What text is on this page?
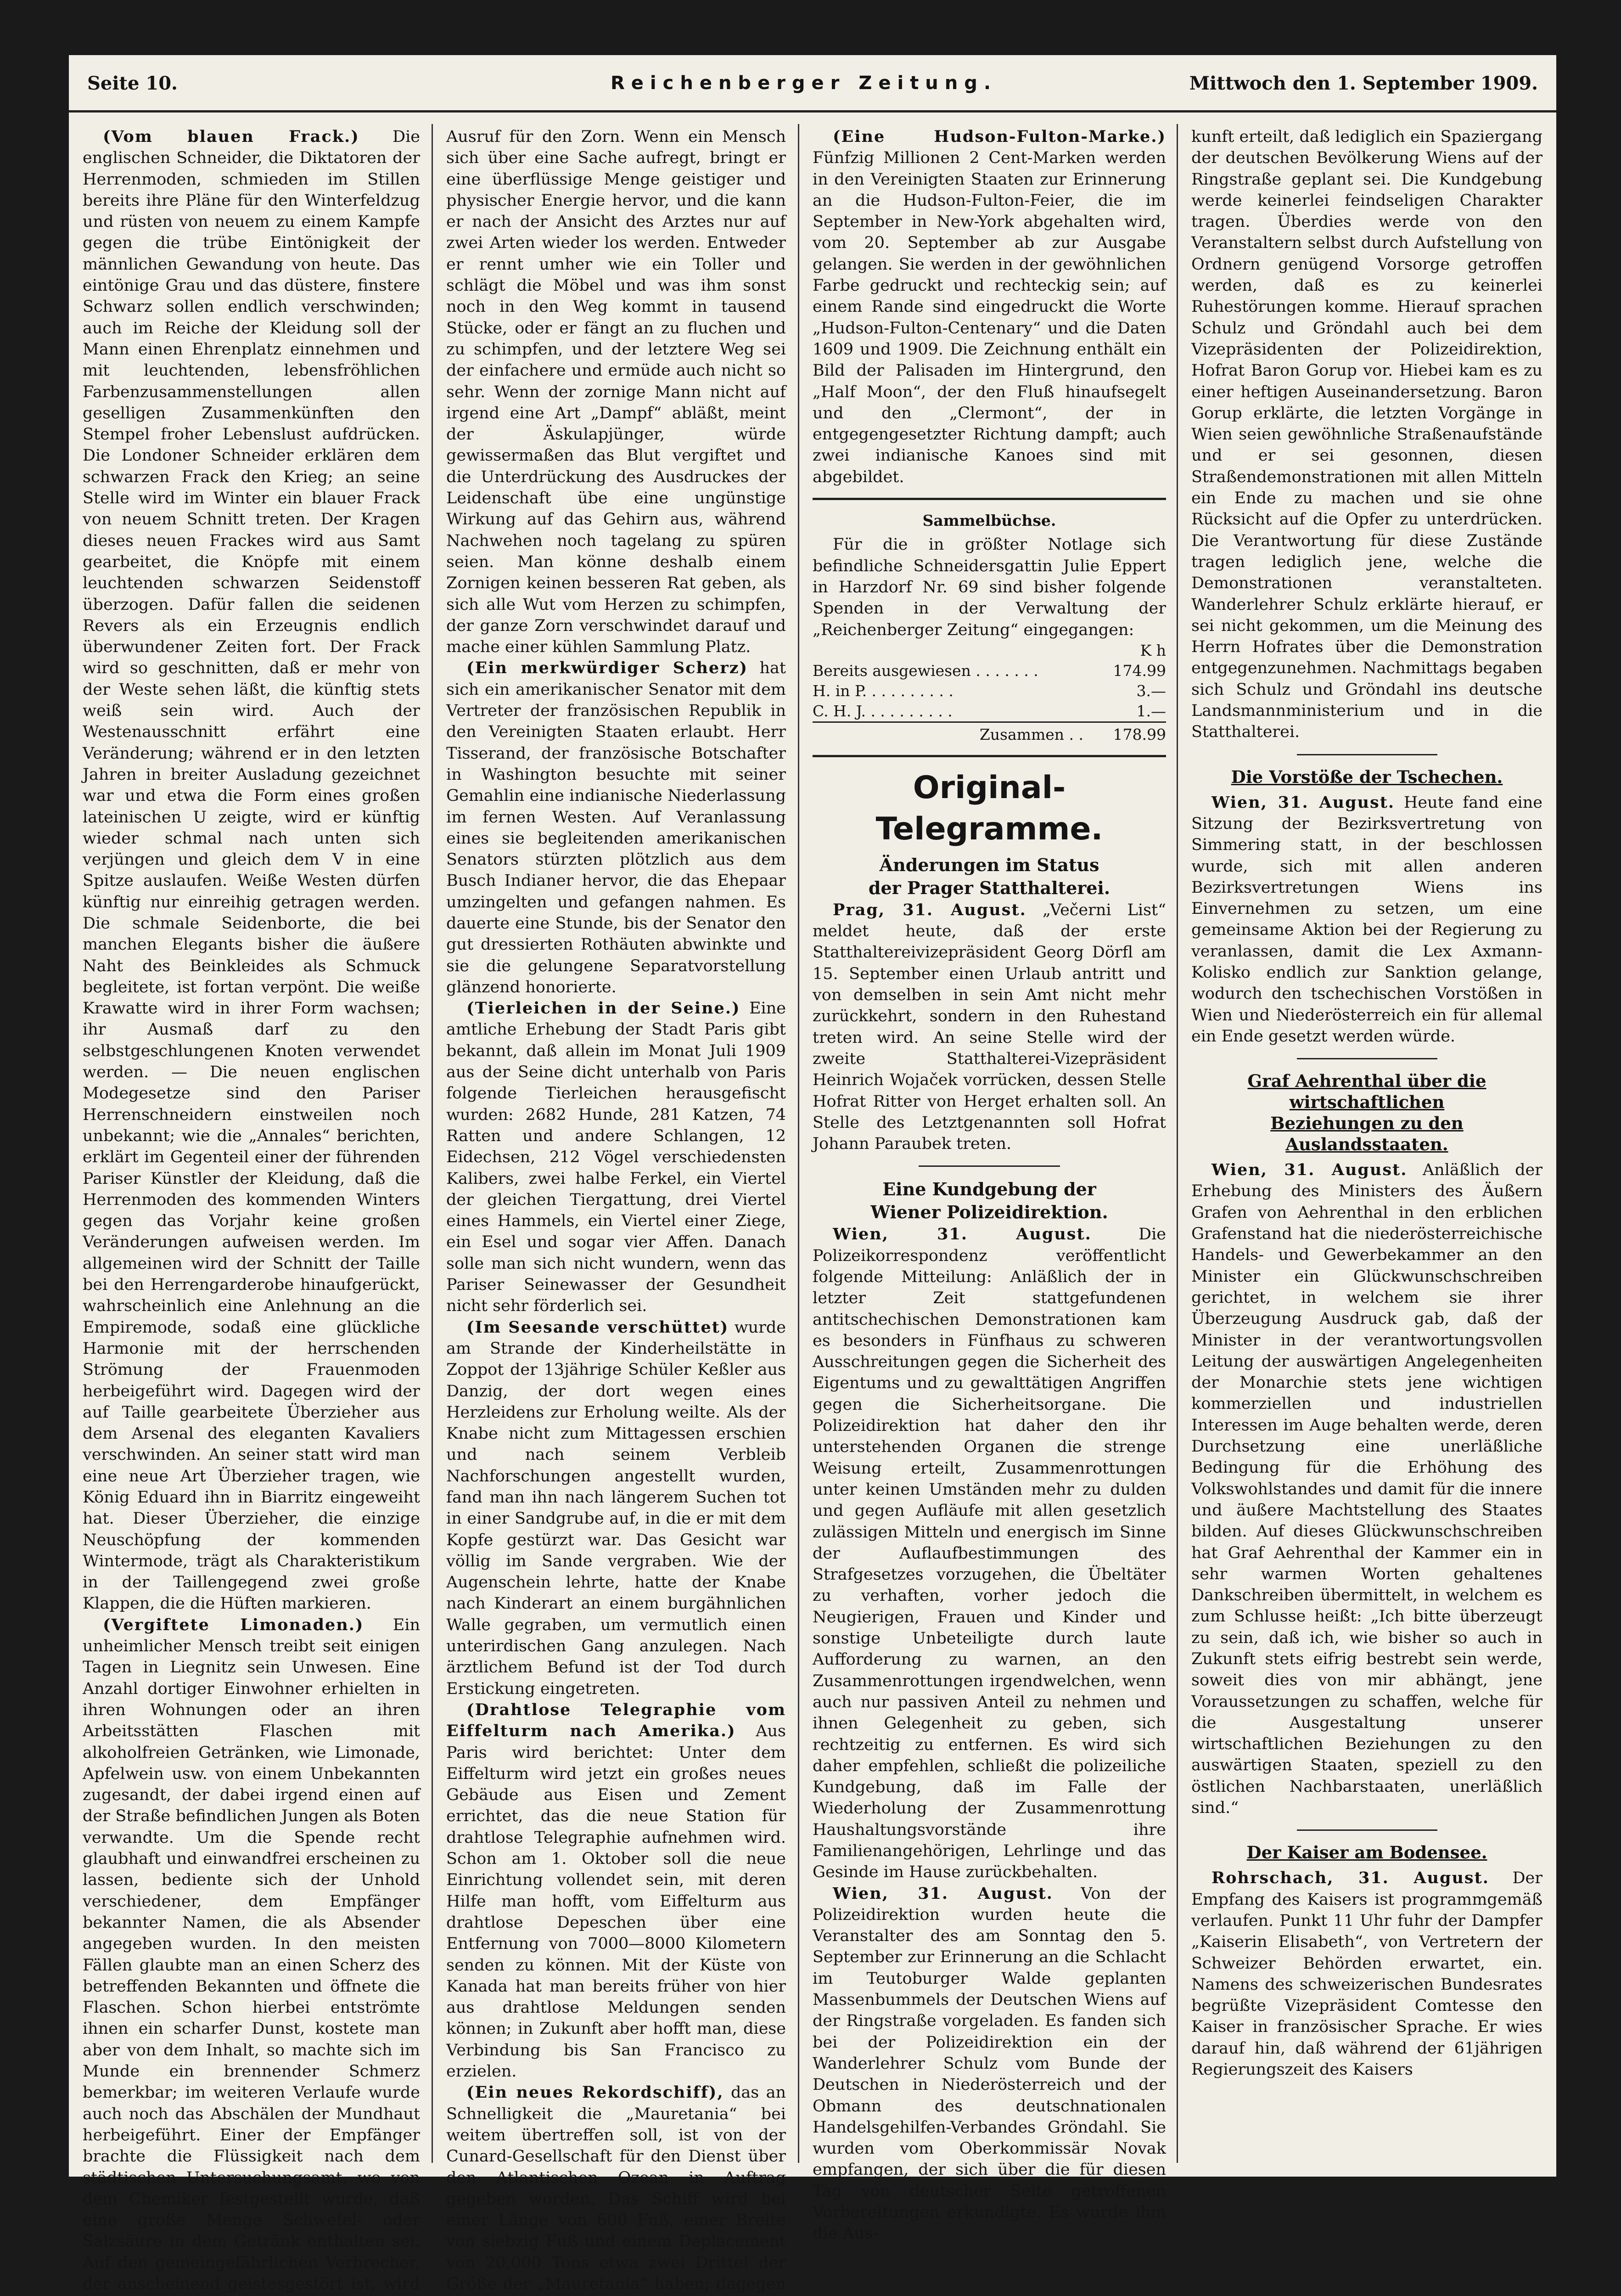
Seite 10.	Reichenberger Zeitung.	Mittwoch den 1. September 1909.

(Vom blauen Frack.) Die englischen Schneider, die Diktatoren der Herrenmoden, schmieden im Stillen bereits ihre Pläne für den Winterfeldzug und rüsten von neuem zu einem Kampfe gegen die trübe Eintönigkeit der männlichen Gewandung von heute. Das eintönige Grau und das düstere, finstere Schwarz sollen endlich verschwinden; auch im Reiche der Kleidung soll der Mann einen Ehrenplatz einnehmen und mit leuchtenden, lebensfröhlichen Farbenzusammenstellungen allen geselligen Zusammenkünften den Stempel froher Lebenslust aufdrücken. Die Londoner Schneider erklären dem schwarzen Frack den Krieg; an seine Stelle wird im Winter ein blauer Frack von neuem Schnitt treten. Der Kragen dieses neuen Frackes wird aus Samt gearbeitet, die Knöpfe mit einem leuchtenden schwarzen Seidenstoff überzogen. Dafür fallen die seidenen Revers als ein Erzeugnis endlich überwundener Zeiten fort. Der Frack wird so geschnitten, daß er mehr von der Weste sehen läßt, die künftig stets weiß sein wird. Auch der Westenausschnitt erfährt eine Veränderung; während er in den letzten Jahren in breiter Ausladung gezeichnet war und etwa die Form eines großen lateinischen U zeigte, wird er künftig wieder schmal nach unten sich verjüngen und gleich dem V in eine Spitze auslaufen. Weiße Westen dürfen künftig nur einreihig getragen werden. Die schmale Seidenborte, die bei manchen Elegants bisher die äußere Naht des Beinkleides als Schmuck begleitete, ist fortan verpönt. Die weiße Krawatte wird in ihrer Form wachsen; ihr Ausmaß darf zu den selbstgeschlungenen Knoten verwendet werden. — Die neuen englischen Modegesetze sind den Pariser Herrenschneidern einstweilen noch unbekannt; wie die „Annales“ berichten, erklärt im Gegenteil einer der führenden Pariser Künstler der Kleidung, daß die Herrenmoden des kommenden Winters gegen das Vorjahr keine großen Veränderungen aufweisen werden. Im allgemeinen wird der Schnitt der Taille bei den Herrengarderobe hinaufgerückt, wahrscheinlich eine Anlehnung an die Empiremode, sodaß eine glückliche Harmonie mit der herrschenden Strömung der Frauenmoden herbeigeführt wird. Dagegen wird der auf Taille gearbeitete Überzieher aus dem Arsenal des eleganten Kavaliers verschwinden. An seiner statt wird man eine neue Art Überzieher tragen, wie König Eduard ihn in Biarritz eingeweiht hat. Dieser Überzieher, die einzige Neuschöpfung der kommenden Wintermode, trägt als Charakteristikum in der Taillengegend zwei große Klappen, die die Hüften markieren.

(Vergiftete Limonaden.) Ein unheimlicher Mensch treibt seit einigen Tagen in Liegnitz sein Unwesen. Eine Anzahl dortiger Einwohner erhielten in ihren Wohnungen oder an ihren Arbeitsstätten Flaschen mit alkoholfreien Getränken, wie Limonade, Apfelwein usw. von einem Unbekannten zugesandt, der dabei irgend einen auf der Straße befindlichen Jungen als Boten verwandte. Um die Spende recht glaubhaft und einwandfrei erscheinen zu lassen, bediente sich der Unhold verschiedener, dem Empfänger bekannter Namen, die als Absender angegeben wurden. In den meisten Fällen glaubte man an einen Scherz des betreffenden Bekannten und öffnete die Flaschen. Schon hierbei entströmte ihnen ein scharfer Dunst, kostete man aber von dem Inhalt, so machte sich im Munde ein brennender Schmerz bemerkbar; im weiteren Verlaufe wurde auch noch das Abschälen der Mundhaut herbeigeführt. Einer der Empfänger brachte die Flüssigkeit nach dem städtischen Untersuchungsamt, wo von dem Chemiker festgestellt wurde, daß eine große Menge Schwefel- oder Salzsäure in dem Getränk enthalten sei. Auf den gemeingefährlichen Verbrecher, der anscheinend geistesgestört ist, wird

Ausruf für den Zorn. Wenn ein Mensch sich über eine Sache aufregt, bringt er eine überflüssige Menge geistiger und physischer Energie hervor, und die kann er nach der Ansicht des Arztes nur auf zwei Arten wieder los werden. Entweder er rennt umher wie ein Toller und schlägt die Möbel und was ihm sonst noch in den Weg kommt in tausend Stücke, oder er fängt an zu fluchen und zu schimpfen, und der letztere Weg sei der einfachere und ermüde auch nicht so sehr. Wenn der zornige Mann nicht auf irgend eine Art „Dampf“ abläßt, meint der Äskulapjünger, würde gewissermaßen das Blut vergiftet und die Unterdrückung des Ausdruckes der Leidenschaft übe eine ungünstige Wirkung auf das Gehirn aus, während Nachwehen noch tagelang zu spüren seien. Man könne deshalb einem Zornigen keinen besseren Rat geben, als sich alle Wut vom Herzen zu schimpfen, der ganze Zorn verschwindet darauf und mache einer kühlen Sammlung Platz.

(Ein merkwürdiger Scherz) hat sich ein amerikanischer Senator mit dem Vertreter der französischen Republik in den Vereinigten Staaten erlaubt. Herr Tisserand, der französische Botschafter in Washington besuchte mit seiner Gemahlin eine indianische Niederlassung im fernen Westen. Auf Veranlassung eines sie begleitenden amerikanischen Senators stürzten plötzlich aus dem Busch Indianer hervor, die das Ehepaar umzingelten und gefangen nahmen. Es dauerte eine Stunde, bis der Senator den gut dressierten Rothäuten abwinkte und sie die gelungene Separatvorstellung glänzend honorierte.

(Tierleichen in der Seine.) Eine amtliche Erhebung der Stadt Paris gibt bekannt, daß allein im Monat Juli 1909 aus der Seine dicht unterhalb von Paris folgende Tierleichen herausgefischt wurden: 2682 Hunde, 281 Katzen, 74 Ratten und andere Schlangen, 12 Eidechsen, 212 Vögel verschiedensten Kalibers, zwei halbe Ferkel, ein Viertel der gleichen Tiergattung, drei Viertel eines Hammels, ein Viertel einer Ziege, ein Esel und sogar vier Affen. Danach solle man sich nicht wundern, wenn das Pariser Seinewasser der Gesundheit nicht sehr förderlich sei.

(Im Seesande verschüttet) wurde am Strande der Kinderheilstätte in Zoppot der 13jährige Schüler Keßler aus Danzig, der dort wegen eines Herzleidens zur Erholung weilte. Als der Knabe nicht zum Mittagessen erschien und nach seinem Verbleib Nachforschungen angestellt wurden, fand man ihn nach längerem Suchen tot in einer Sandgrube auf, in die er mit dem Kopfe gestürzt war. Das Gesicht war völlig im Sande vergraben. Wie der Augenschein lehrte, hatte der Knabe nach Kinderart an einem burgähnlichen Walle gegraben, um vermutlich einen unterirdischen Gang anzulegen. Nach ärztlichem Befund ist der Tod durch Erstickung eingetreten.

(Drahtlose Telegraphie vom Eiffelturm nach Amerika.) Aus Paris wird berichtet: Unter dem Eiffelturm wird jetzt ein großes neues Gebäude aus Eisen und Zement errichtet, das die neue Station für drahtlose Telegraphie aufnehmen wird. Schon am 1. Oktober soll die neue Einrichtung vollendet sein, mit deren Hilfe man hofft, vom Eiffelturm aus drahtlose Depeschen über eine Entfernung von 7000—8000 Kilometern senden zu können. Mit der Küste von Kanada hat man bereits früher von hier aus drahtlose Meldungen senden können; in Zukunft aber hofft man, diese Verbindung bis San Francisco zu erzielen.

(Ein neues Rekordschiff), das an Schnelligkeit die „Mauretania“ bei weitem übertreffen soll, ist von der Cunard-Gesellschaft für den Dienst über den Atlantischen Ozean in Auftrag gegeben worden. Das Schiff wird bei einer Länge von 600 Fuß, einer Breite von siebzig Fuß und einem Deplacement von 20.000 Tons etwa zwei Drittel der Größe der „Mauretania“ haben; dagegen

(Eine Hudson-Fulton-Marke.) Fünfzig Millionen 2 Cent-Marken werden in den Vereinigten Staaten zur Erinnerung an die Hudson-Fulton-Feier, die im September in New-York abgehalten wird, vom 20. September ab zur Ausgabe gelangen. Sie werden in der gewöhnlichen Farbe gedruckt und rechteckig sein; auf einem Rande sind eingedruckt die Worte „Hudson-Fulton-Centenary“ und die Daten 1609 und 1909. Die Zeichnung enthält ein Bild der Palisaden im Hintergrund, den „Half Moon“, der den Fluß hinaufsegelt und den „Clermont“, der in entgegengesetzter Richtung dampft; auch zwei indianische Kanoes sind mit abgebildet.

Sammelbüchse.

Für die in größter Notlage sich befindliche Schneidersgattin Julie Eppert in Harzdorf Nr. 69 sind bisher folgende Spenden in der Verwaltung der „Reichenberger Zeitung“ eingegangen:

	K h
Bereits ausgewiesen . . . . . . .	174.99
H. in P. . . . . . . . . .	3.—
C. H. J. . . . . . . . . .	1.—
Zusammen . .	178.99
Original-Telegramme.
Änderungen im Status
der Prager Statthalterei.

Prag, 31. August. „Večerni List“ meldet heute, daß der erste Statthaltereivizepräsident Georg Dörfl am 15. September einen Urlaub antritt und von demselben in sein Amt nicht mehr zurückkehrt, sondern in den Ruhestand treten wird. An seine Stelle wird der zweite Statthalterei-Vizepräsident Heinrich Wojaček vorrücken, dessen Stelle Hofrat Ritter von Herget erhalten soll. An Stelle des Letztgenannten soll Hofrat Johann Paraubek treten.

Eine Kundgebung der
Wiener Polizeidirektion.

Wien, 31. August.	Die Polizeikorrespondenz veröffentlicht folgende Mitteilung: Anläßlich der in letzter Zeit stattgefundenen antitschechischen Demonstrationen kam es besonders in Fünfhaus zu schweren Ausschreitungen gegen die Sicherheit des Eigentums und zu gewalttätigen Angriffen gegen die Sicherheitsorgane. Die Polizeidirektion hat daher den ihr unterstehenden Organen die strenge Weisung erteilt, Zusammenrottungen unter keinen Umständen mehr zu dulden und gegen Aufläufe mit allen gesetzlich zulässigen Mitteln und energisch im Sinne der Auflaufbestimmungen des Strafgesetzes vorzugehen, die Übeltäter zu verhaften, vorher jedoch die Neugierigen, Frauen und Kinder und sonstige Unbeteiligte durch laute Aufforderung zu warnen, an den Zusammenrottungen irgendwelchen, wenn auch nur passiven Anteil zu nehmen und ihnen Gelegenheit zu geben, sich rechtzeitig zu entfernen. Es wird sich daher empfehlen, schließt die polizeiliche Kundgebung, daß im Falle der Wiederholung der Zusammenrottung Haushaltungsvorstände ihre Familienangehörigen, Lehrlinge und das Gesinde im Hause zurückbehalten.

Wien, 31. August. Von der Polizeidirektion wurden heute die Veranstalter des am Sonntag den 5. September zur Erinnerung an die Schlacht im Teutoburger Walde geplanten Massenbummels der Deutschen Wiens auf der Ringstraße vorgeladen. Es fanden sich bei der Polizeidirektion ein der Wanderlehrer Schulz vom Bunde der Deutschen in Niederösterreich und der Obmann des deutschnationalen Handelsgehilfen-Verbandes Gröndahl. Sie wurden vom Oberkommissär Novak empfangen, der sich über die für diesen Tag von deutscher Seite getroffenen Vorbereitungen erkundigte. Es wurde ihm die Aus-

kunft erteilt, daß lediglich ein Spaziergang der deutschen Bevölkerung Wiens auf der Ringstraße geplant sei. Die Kundgebung werde keinerlei feindseligen Charakter tragen. Überdies werde von den Veranstaltern selbst durch Aufstellung von Ordnern genügend Vorsorge getroffen werden, daß es zu keinerlei Ruhestörungen komme. Hierauf sprachen Schulz und Gröndahl auch bei dem Vizepräsidenten der Polizeidirektion, Hofrat Baron Gorup vor. Hiebei kam es zu einer heftigen Auseinandersetzung. Baron Gorup erklärte, die letzten Vorgänge in Wien seien gewöhnliche Straßenaufstände und er sei gesonnen, diesen Straßendemonstrationen mit allen Mitteln ein Ende zu machen und sie ohne Rücksicht auf die Opfer zu unterdrücken. Die Verantwortung für diese Zustände tragen lediglich jene, welche die Demonstrationen veranstalteten. Wanderlehrer Schulz erklärte hierauf, er sei nicht gekommen, um die Meinung des Herrn Hofrates über die Demonstration entgegenzunehmen. Nachmittags begaben sich Schulz und Gröndahl ins deutsche Landsmannministerium und in die Statthalterei.

Die Vorstöße der Tschechen.

Wien, 31. August. Heute fand eine Sitzung der Bezirksvertretung von Simmering statt, in der beschlossen wurde, sich mit allen anderen Bezirksvertretungen Wiens ins Einvernehmen zu setzen, um eine gemeinsame Aktion bei der Regierung zu veranlassen, damit die Lex Axmann-Kolisko endlich zur Sanktion gelange, wodurch den tschechischen Vorstößen in Wien und Niederösterreich ein für allemal ein Ende gesetzt werden würde.

Graf Aehrenthal über die wirtschaftlichen
Beziehungen zu den Auslandsstaaten.

Wien, 31. August. Anläßlich der Erhebung des Ministers des Äußern Grafen von Aehrenthal in den erblichen Grafenstand hat die niederösterreichische Handels- und Gewerbekammer an den Minister ein Glückwunschschreiben gerichtet, in welchem sie ihrer Überzeugung Ausdruck gab, daß der Minister in der verantwortungsvollen Leitung der auswärtigen Angelegenheiten der Monarchie stets jene wichtigen kommerziellen und industriellen Interessen im Auge behalten werde, deren Durchsetzung eine unerläßliche Bedingung für die Erhöhung des Volkswohlstandes und damit für die innere und äußere Machtstellung des Staates bilden. Auf dieses Glückwunschschreiben hat Graf Aehrenthal der Kammer ein in sehr warmen Worten gehaltenes Dankschreiben übermittelt, in welchem es zum Schlusse heißt: „Ich bitte überzeugt zu sein, daß ich, wie bisher so auch in Zukunft stets eifrig bestrebt sein werde, soweit dies von mir abhängt, jene Voraussetzungen zu schaffen, welche für die Ausgestaltung unserer wirtschaftlichen Beziehungen zu den auswärtigen Staaten, speziell zu den östlichen Nachbarstaaten, unerläßlich sind.“

Der Kaiser am Bodensee.

Rohrschach, 31. August. Der Empfang des Kaisers ist programmgemäß verlaufen. Punkt 11 Uhr fuhr der Dampfer „Kaiserin Elisabeth“, von Vertretern der Schweizer Behörden erwartet, ein. Namens des schweizerischen Bundesrates begrüßte Vizepräsident Comtesse den Kaiser in französischer Sprache. Er wies darauf hin, daß während der 61jährigen Regierungszeit des Kaisers
